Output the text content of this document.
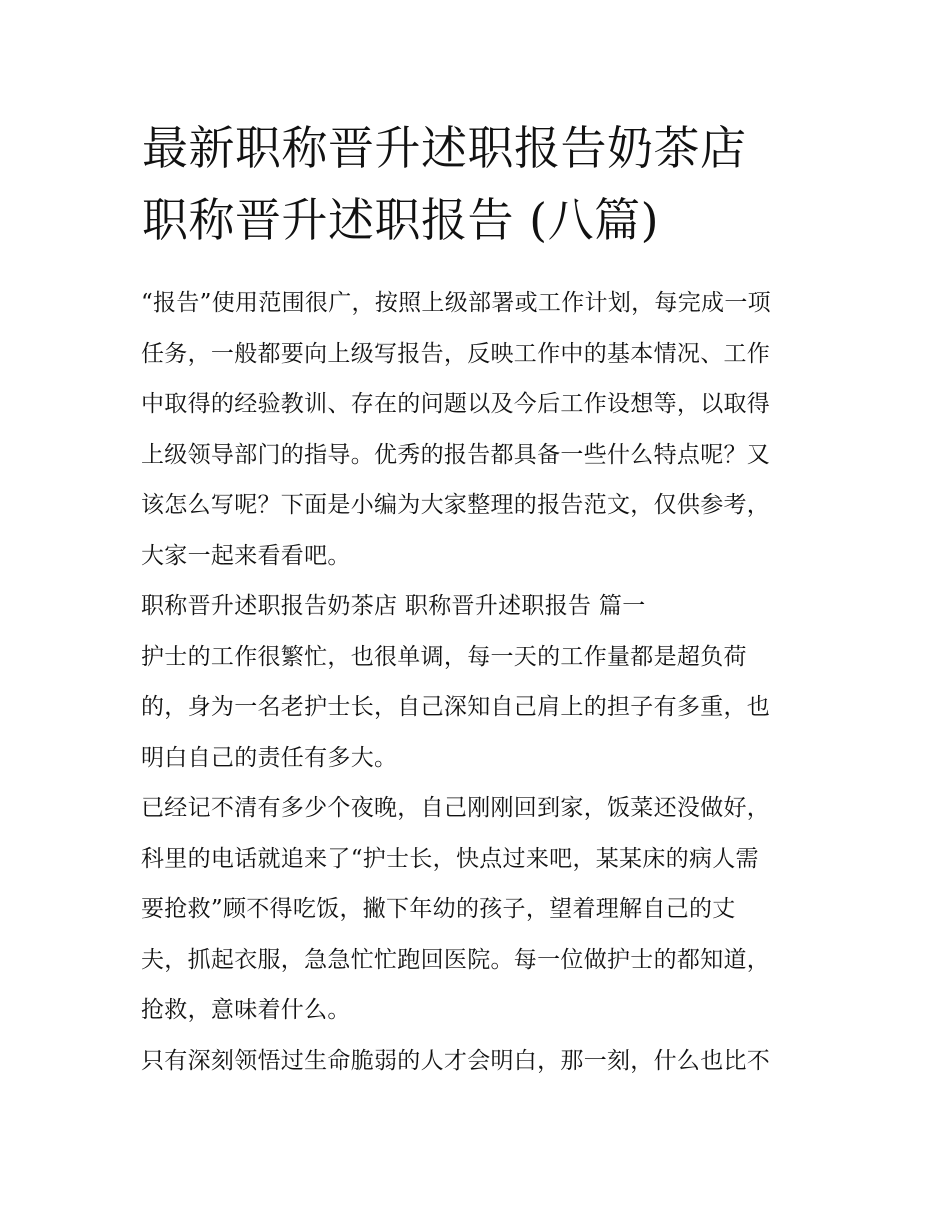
最新职称晋升述职报告奶茶店
职称晋升述职报告 (八篇)
“报告”使用范围很广，按照上级部署或工作计划，每完成一项
任务，一般都要向上级写报告，反映工作中的基本情况、工作
中取得的经验教训、存在的问题以及今后工作设想等，以取得
上级领导部门的指导。优秀的报告都具备一些什么特点呢？又
该怎么写呢？下面是小编为大家整理的报告范文，仅供参考，
大家一起来看看吧。
职称晋升述职报告奶茶店 职称晋升述职报告 篇一
护士的工作很繁忙，也很单调，每一天的工作量都是超负荷
的，身为一名老护士长，自己深知自己肩上的担子有多重，也
明白自己的责任有多大。
已经记不清有多少个夜晚，自己刚刚回到家，饭菜还没做好，
科里的电话就追来了“护士长，快点过来吧，某某床的病人需
要抢救”顾不得吃饭，撇下年幼的孩子，望着理解自己的丈
夫，抓起衣服，急急忙忙跑回医院。每一位做护士的都知道，
抢救，意味着什么。
只有深刻领悟过生命脆弱的人才会明白，那一刻，什么也比不
